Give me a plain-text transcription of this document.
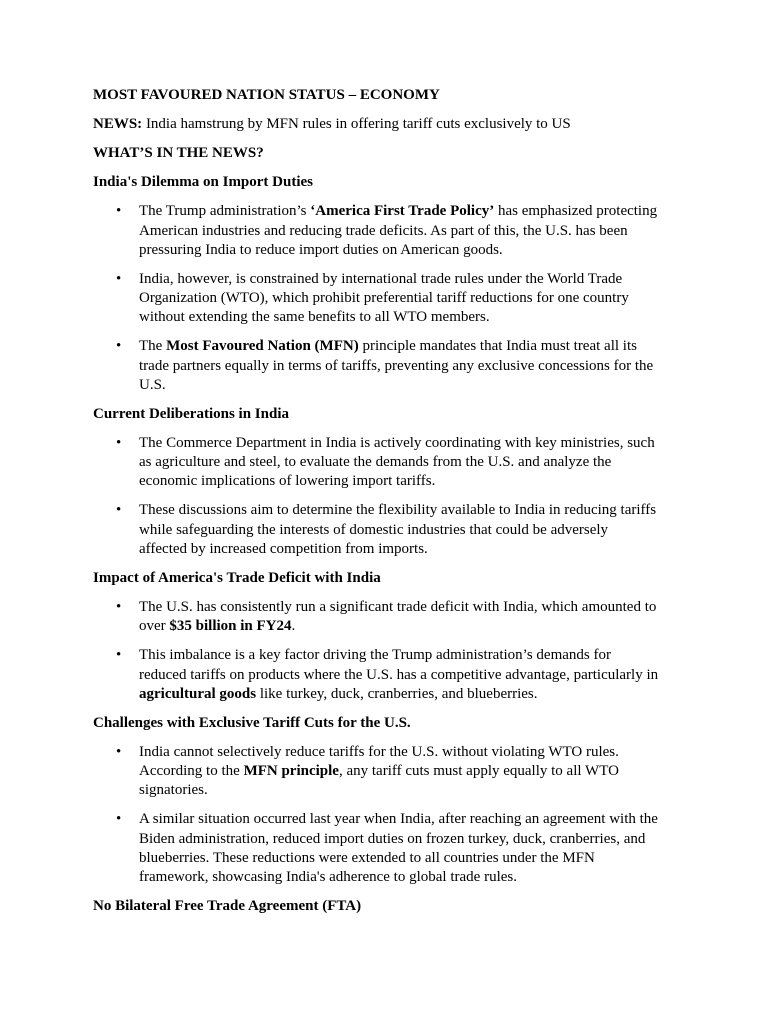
MOST FAVOURED NATION STATUS – ECONOMY

NEWS: India hamstrung by MFN rules in offering tariff cuts exclusively to US

WHAT’S IN THE NEWS?

India's Dilemma on Import Duties

• The Trump administration’s ‘America First Trade Policy’ has emphasized protecting
American industries and reducing trade deficits. As part of this, the U.S. has been
pressuring India to reduce import duties on American goods.
• India, however, is constrained by international trade rules under the World Trade
Organization (WTO), which prohibit preferential tariff reductions for one country
without extending the same benefits to all WTO members.
• The Most Favoured Nation (MFN) principle mandates that India must treat all its
trade partners equally in terms of tariffs, preventing any exclusive concessions for the
U.S.

Current Deliberations in India

• The Commerce Department in India is actively coordinating with key ministries, such
as agriculture and steel, to evaluate the demands from the U.S. and analyze the
economic implications of lowering import tariffs.
• These discussions aim to determine the flexibility available to India in reducing tariffs
while safeguarding the interests of domestic industries that could be adversely
affected by increased competition from imports.

Impact of America's Trade Deficit with India

• The U.S. has consistently run a significant trade deficit with India, which amounted to
over $35 billion in FY24.
• This imbalance is a key factor driving the Trump administration’s demands for
reduced tariffs on products where the U.S. has a competitive advantage, particularly in
agricultural goods like turkey, duck, cranberries, and blueberries.

Challenges with Exclusive Tariff Cuts for the U.S.

• India cannot selectively reduce tariffs for the U.S. without violating WTO rules.
According to the MFN principle, any tariff cuts must apply equally to all WTO
signatories.
• A similar situation occurred last year when India, after reaching an agreement with the
Biden administration, reduced import duties on frozen turkey, duck, cranberries, and
blueberries. These reductions were extended to all countries under the MFN
framework, showcasing India's adherence to global trade rules.

No Bilateral Free Trade Agreement (FTA)
